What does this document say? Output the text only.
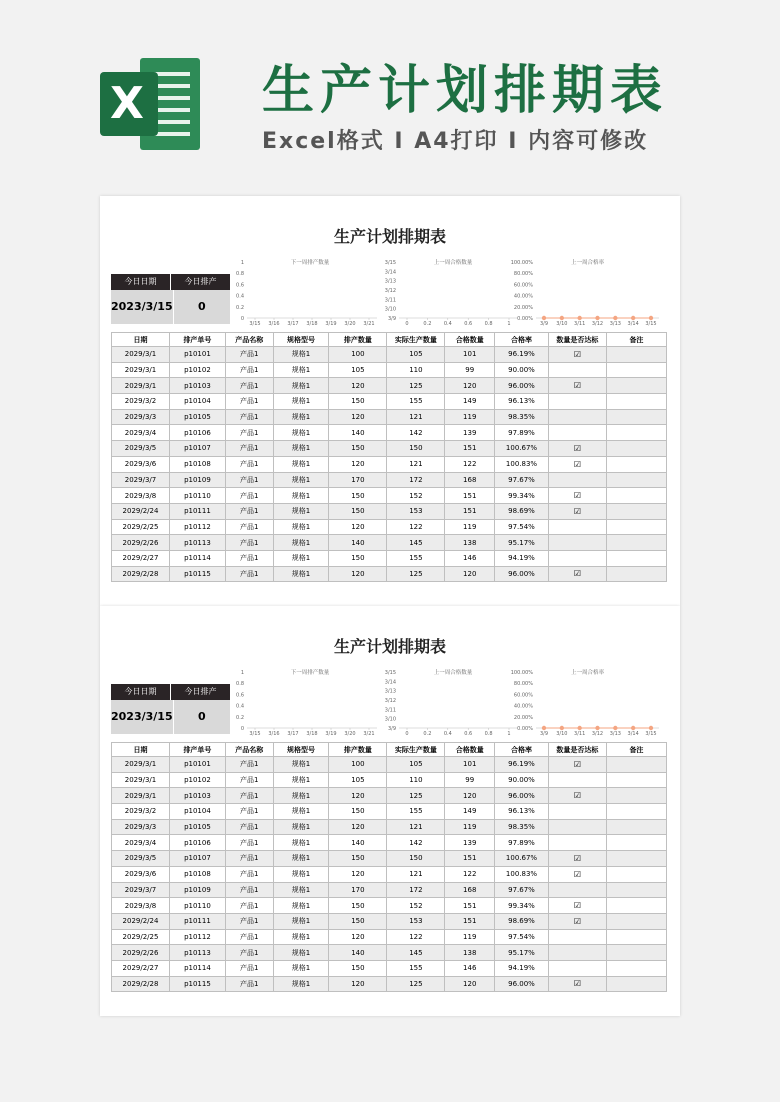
X 生产计划排期表
Excel格式 I A4打印 I 内容可修改
生产计划排期表
今日日期	今日排产
2023/3/15	0
下一周排产数量
1
0.8
0.6
0.4
0.2
0
3/15 3/16 3/17 3/18 3/19 3/20 3/21
上一周合格数量
3/15
3/14
3/13
3/12
3/11
3/10
3/9
0	0.2 0.4 0.6 0.8	1
上一周合格率
100.00%
80.00%
60.00%
40.00%
20.00%
0.00%
3/9 3/10 3/11 3/12 3/13 3/14 3/15
日期	排产单号	产品名称	规格型号	排产数量	实际生产数量	合格数量	合格率	数量是否达标	备注
2029/3/1	p10101	产品1	规格1	100	105	101	96.19%	☑	
2029/3/1	p10102	产品1	规格1	105	110	99	90.00%		
2029/3/1	p10103	产品1	规格1	120	125	120	96.00%	☑	
2029/3/2	p10104	产品1	规格1	150	155	149	96.13%		
2029/3/3	p10105	产品1	规格1	120	121	119	98.35%		
2029/3/4	p10106	产品1	规格1	140	142	139	97.89%		
2029/3/5	p10107	产品1	规格1	150	150	151	100.67%	☑	
2029/3/6	p10108	产品1	规格1	120	121	122	100.83%	☑	
2029/3/7	p10109	产品1	规格1	170	172	168	97.67%		
2029/3/8	p10110	产品1	规格1	150	152	151	99.34%	☑	
2029/2/24	p10111	产品1	规格1	150	153	151	98.69%	☑	
2029/2/25	p10112	产品1	规格1	120	122	119	97.54%		
2029/2/26	p10113	产品1	规格1	140	145	138	95.17%		
2029/2/27	p10114	产品1	规格1	150	155	146	94.19%		
2029/2/28	p10115	产品1	规格1	120	125	120	96.00%	☑	
生产计划排期表
今日日期	今日排产
2023/3/15	0
下一周排产数量
1
0.8
0.6
0.4
0.2
0
3/15 3/16 3/17 3/18 3/19 3/20 3/21
上一周合格数量
3/15
3/14
3/13
3/12
3/11
3/10
3/9
0	0.2 0.4 0.6 0.8	1
上一周合格率
100.00%
80.00%
60.00%
40.00%
20.00%
0.00%
3/9 3/10 3/11 3/12 3/13 3/14 3/15
日期	排产单号	产品名称	规格型号	排产数量	实际生产数量	合格数量	合格率	数量是否达标	备注
2029/3/1	p10101	产品1	规格1	100	105	101	96.19%	☑	
2029/3/1	p10102	产品1	规格1	105	110	99	90.00%		
2029/3/1	p10103	产品1	规格1	120	125	120	96.00%	☑	
2029/3/2	p10104	产品1	规格1	150	155	149	96.13%		
2029/3/3	p10105	产品1	规格1	120	121	119	98.35%		
2029/3/4	p10106	产品1	规格1	140	142	139	97.89%		
2029/3/5	p10107	产品1	规格1	150	150	151	100.67%	☑	
2029/3/6	p10108	产品1	规格1	120	121	122	100.83%	☑	
2029/3/7	p10109	产品1	规格1	170	172	168	97.67%		
2029/3/8	p10110	产品1	规格1	150	152	151	99.34%	☑	
2029/2/24	p10111	产品1	规格1	150	153	151	98.69%	☑	
2029/2/25	p10112	产品1	规格1	120	122	119	97.54%		
2029/2/26	p10113	产品1	规格1	140	145	138	95.17%		
2029/2/27	p10114	产品1	规格1	150	155	146	94.19%		
2029/2/28	p10115	产品1	规格1	120	125	120	96.00%	☑	
